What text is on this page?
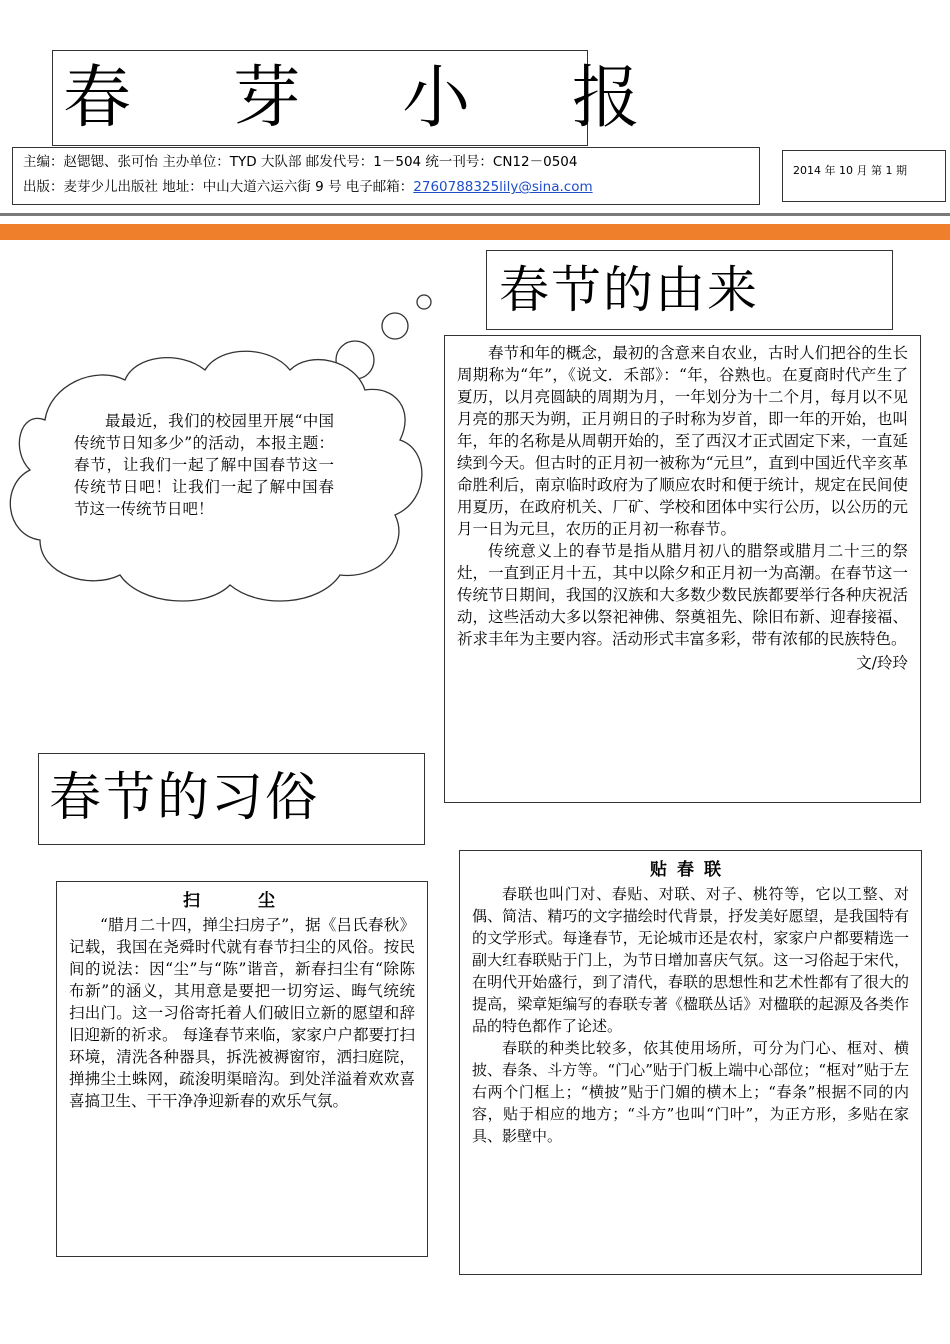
春 芽 小 报
主编：赵锶锶、张可怡 主办单位：TYD 大队部 邮发代号：1－504 统一刊号：CN12－0504
出版：麦芽少儿出版社 地址：中山大道六运六街 9 号 电子邮箱：2760788325lily@sina.com
2014 年 10 月 第 1 期

最最近，我们的校园里开展“中国传统节日知多少”的活动，本报主题：春节，让我们一起了解中国春节这一传统节日吧！让我们一起了解中国春节这一传统节日吧！

春节的由来

春节和年的概念，最初的含意来自农业，古时人们把谷的生长周期称为“年”，《说文．禾部》：“年，谷熟也。在夏商时代产生了夏历，以月亮圆缺的周期为月，一年划分为十二个月，每月以不见月亮的那天为朔，正月朔日的子时称为岁首，即一年的开始，也叫年，年的名称是从周朝开始的，至了西汉才正式固定下来，一直延续到今天。但古时的正月初一被称为“元旦”，直到中国近代辛亥革命胜利后，南京临时政府为了顺应农时和便于统计，规定在民间使用夏历，在政府机关、厂矿、学校和团体中实行公历，以公历的元月一日为元旦，农历的正月初一称春节。

传统意义上的春节是指从腊月初八的腊祭或腊月二十三的祭灶，一直到正月十五，其中以除夕和正月初一为高潮。在春节这一传统节日期间，我国的汉族和大多数少数民族都要举行各种庆祝活动，这些活动大多以祭祀神佛、祭奠祖先、除旧布新、迎春接福、祈求丰年为主要内容。活动形式丰富多彩，带有浓郁的民族特色。

文/玲玲

春节的习俗
扫 尘

“腊月二十四，掸尘扫房子”，据《吕氏春秋》记载，我国在尧舜时代就有春节扫尘的风俗。按民间的说法：因“尘”与“陈”谐音，新春扫尘有“除陈布新”的涵义，其用意是要把一切穷运、晦气统统扫出门。这一习俗寄托着人们破旧立新的愿望和辞旧迎新的祈求。 每逢春节来临，家家户户都要打扫环境，清洗各种器具，拆洗被褥窗帘，洒扫庭院，掸拂尘土蛛网，疏浚明渠暗沟。到处洋溢着欢欢喜喜搞卫生、干干净净迎新春的欢乐气氛。

贴春联

春联也叫门对、春贴、对联、对子、桃符等，它以工整、对偶、简洁、精巧的文字描绘时代背景，抒发美好愿望，是我国特有的文学形式。每逢春节，无论城市还是农村，家家户户都要精选一副大红春联贴于门上，为节日增加喜庆气氛。这一习俗起于宋代，在明代开始盛行，到了清代，春联的思想性和艺术性都有了很大的提高，梁章矩编写的春联专著《楹联丛话》对楹联的起源及各类作品的特色都作了论述。

春联的种类比较多，依其使用场所，可分为门心、框对、横披、春条、斗方等。“门心”贴于门板上端中心部位；“框对”贴于左右两个门框上；“横披”贴于门媚的横木上；“春条”根据不同的内容，贴于相应的地方；“斗方”也叫“门叶”，为正方形，多贴在家具、影壁中。
